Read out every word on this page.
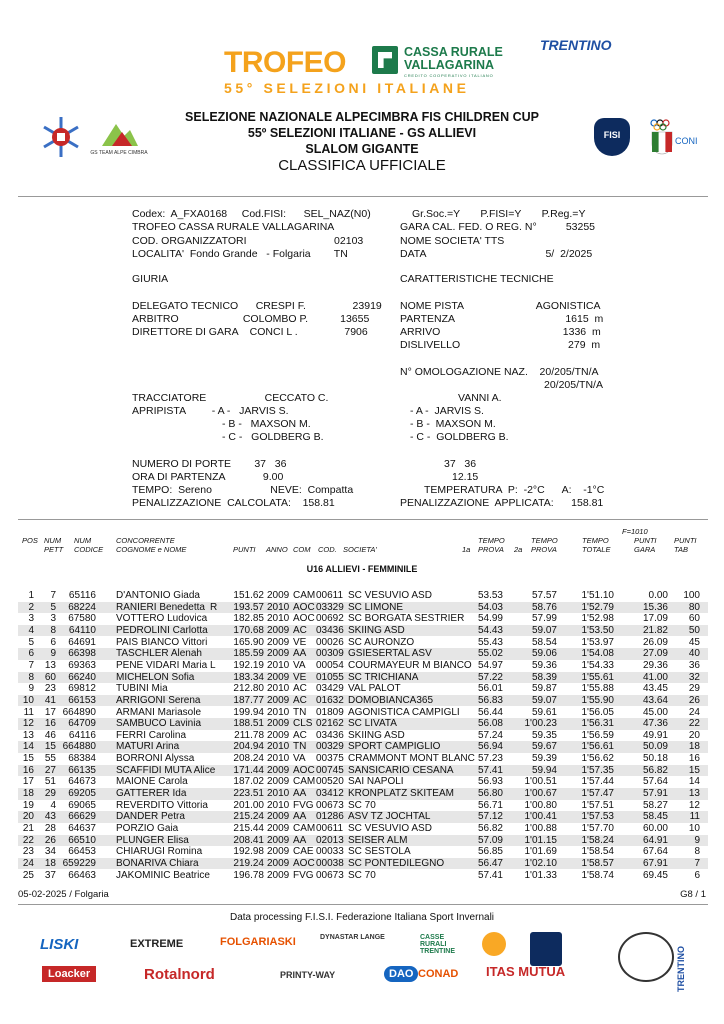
TROFEO	CASSA RURALE
VALLAGARINA
CREDITO COOPERATIVO ITALIANO
55° SELEZIONI ITALIANE
TRENTINO
GS TEAM ALPE CIMBRA
FISI
CONI
SELEZIONE NAZIONALE ALPECIMBRA FIS CHILDREN CUP
55º SELEZIONI ITALIANE - GS ALLIEVI
SLALOM GIGANTE
CLASSIFICA UFFICIALE
Codex:  A_FXA0168     Cod.FISI:      SEL_NAZ(N0)	Gr.Soc.=Y       P.FISI=Y       P.Reg.=Y
TROFEO CASSA RURALE VALLAGARINA	GARA CAL. FED. O REG. N°          53255
COD. ORGANIZZATORI                              02103	NOME SOCIETA' TTS
LOCALITA'  Fondo Grande   - Folgaria        TN	DATA                                         5/  2/2025
GIURIA	CARATTERISTICHE TECNICHE
DELEGATO TECNICO      CRESPI F.                23919 NOME PISTA                         AGONISTICA
ARBITRO                      COLOMBO P.           13655	PARTENZA                                      1615  m
DIRETTORE DI GARA    CONCI L .                7906	ARRIVO                                          1336  m
DISLIVELLO                                     279  m
N° OMOLOGAZIONE NAZ.    20/205/TN/A
20/205/TN/A
TRACCIATORE                    CECCATO C.	VANNI A.
APRIPISTA         - A -   JARVIS S.	- A -  JARVIS S.
- B -   MAXSON M.	- B -  MAXSON M.
- C -   GOLDBERG B.	- C -  GOLDBERG B.
NUMERO DI PORTE        37   36	37   36
ORA DI PARTENZA             9.00	12.15
TEMPO:  Sereno                    NEVE:  Compatta	TEMPERATURA  P:  -2°C      A:    -1°C
PENALIZZAZIONE  CALCOLATA:    158.81	PENALIZZAZIONE  APPLICATA:      158.81
POS NUM
PETT
NUM
CODICE
CONCORRENTE
COGNOME e NOME	PUNTI ANNO COM COD. SOCIETA'	1a
TEMPO
PROVA 2a
TEMPO
PROVA
TEMPO
TOTALE
F=1010
PUNTI
GARA
PUNTI
TAB
U16 ALLIEVI - FEMMINILE
1	7	65116 D'ANTONIO Giada	151.62 2009 CAM 00611 SC VESUVIO ASD	53.53	57.57	1'51.10	0.00	100
2	5	68224 RANIERI Benedetta R	193.57 2010 AOC 03329 SC LIMONE	54.03	58.76	1'52.79	15.36	80
3	3	67580 VOTTERO Ludovica	182.85 2010 AOC 00692 SC BORGATA SESTRIER	54.99	57.99	1'52.98	17.09	60
4	8	64110 PEDROLINI Carlotta	170.68 2009 AC 03436 SKIING ASD	54.43	59.07	1'53.50	21.82	50
5	6	64691 PAIS BIANCO Vittori	165.90 2009 VE 00026 SC AURONZO	55.43	58.54	1'53.97	26.09	45
6	9	66398 TASCHLER Alenah	185.59 2009 AA 00309 GSIESERTAL ASV	55.02	59.06	1'54.08	27.09	40
7	13	69363 PENE VIDARI Maria L	192.19 2010 VA	00054 COURMAYEUR M BIANCO 54.97	59.36	1'54.33	29.36	36
8	60	66240 MICHELON Sofia	183.34 2009 VE 01055 SC TRICHIANA	57.22	58.39	1'55.61	41.00	32
9	23	69812 TUBINI Mia	212.80 2010 AC 03429 VAL PALOT	56.01	59.87	1'55.88	43.45	29
10	41	66153 ARRIGONI Serena	187.77 2009 AC 01632 DOMOBIANCA365	56.83	59.07	1'55.90	43.64	26
11	17 664890 ARMANI Mariasole	199.94 2010 TN 01809 AGONISTICA CAMPIGLI	56.44	59.61	1'56.05	45.00	24
12	16	64709 SAMBUCO Lavinia	188.51 2009 CLS 02162 SC LIVATA	56.08	1'00.23	1'56.31	47.36	22
13	46	64116 FERRI Carolina	211.78 2009 AC 03436 SKIING ASD	57.24	59.35	1'56.59	49.91	20
14	15 664880 MATURI Arina	204.94 2010 TN 00329 SPORT CAMPIGLIO	56.94	59.67	1'56.61	50.09	18
15	55	68384 BORRONI Alyssa	208.24 2010 VA	00375 CRAMMONT MONT BLANC 57.23	59.39	1'56.62	50.18	16
16	27	66135 SCAFFIDI MUTA Alice	171.44 2009 AOC 00745 SANSICARIO CESANA	57.41	59.94	1'57.35	56.82	15
17	51	64673 MAIONE Carola	187.02 2009 CAM 00520 SAI NAPOLI	56.93	1'00.51	1'57.44	57.64	14
18	29	69205 GATTERER Ida	223.51 2010 AA 03412 KRONPLATZ SKITEAM	56.80	1'00.67	1'57.47	57.91	13
19	4	69065 REVERDITO Vittoria	201.00 2010 FVG 00673 SC 70	56.71	1'00.80	1'57.51	58.27	12
20	43	66629 DANDER Petra	215.24 2009 AA 01286 ASV TZ JOCHTAL	57.12	1'00.41	1'57.53	58.45	11
21	28	64637 PORZIO Gaia	215.44 2009 CAM 00611 SC VESUVIO ASD	56.82	1'00.88	1'57.70	60.00	10
22	26	66510 PLUNGER Elisa	208.41 2009 AA 02013 SEISER ALM	57.09	1'01.15	1'58.24	64.91	9
23	34	66453 CHIARUGI Romina	192.98 2009 CAE 00033 SC SESTOLA	56.85	1'01.69	1'58.54	67.64	8
24	18 659229 BONARIVA Chiara	219.24 2009 AOC 00038 SC PONTEDILEGNO	56.47	1'02.10	1'58.57	67.91	7
25	37	66463 JAKOMINIC Beatrice	196.78 2009 FVG 00673 SC 70	57.41	1'01.33	1'58.74	69.45	6
05-02-2025 / Folgaria	G8 / 1
Data processing F.I.S.I. Federazione Italiana Sport Invernali
LISKI	EXTREME	FOLGARIASKI	DYNASTAR LANGE	CASSE RURALI TRENTINE
Loacker	Rotalnord	PRINTY-WAY	DAO CONAD ITAS MUTUA	TRENTINO
